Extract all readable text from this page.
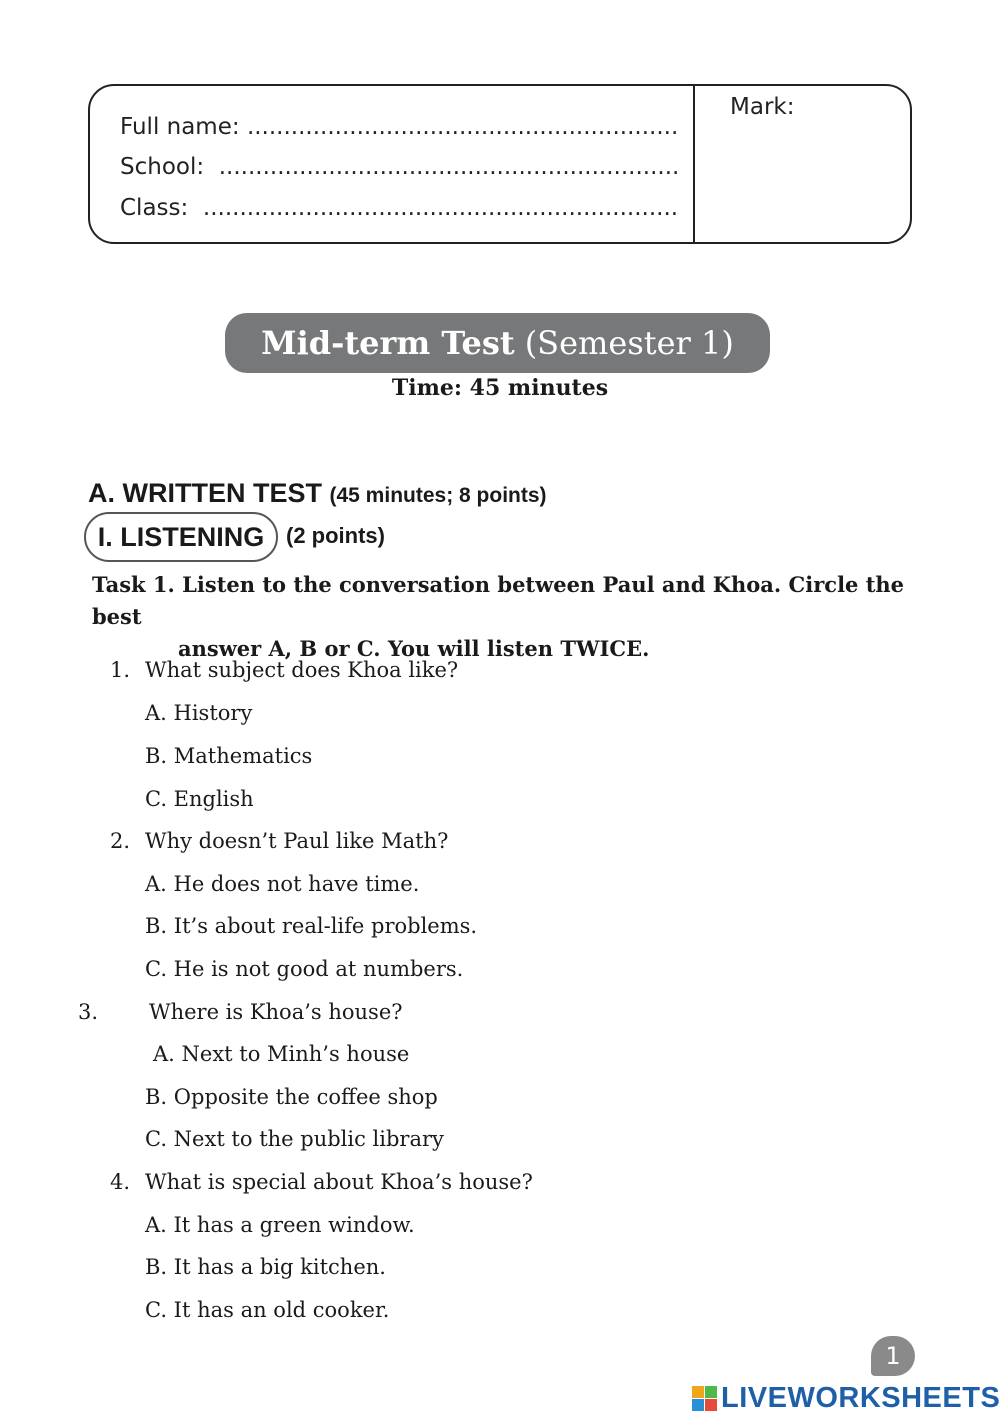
Full name: ...........................................................
School: ...............................................................
Class: .................................................................
Mark:
Mid-term Test (Semester 1)
Time: 45 minutes
A. WRITTEN TEST (45 minutes; 8 points)
I. LISTENING (2 points)
Task 1. Listen to the conversation between Paul and Khoa. Circle the best
answer A, B or C. You will listen TWICE.
1. What subject does Khoa like?
A. History
B. Mathematics
C. English
2. Why doesn’t Paul like Math?
A. He does not have time.
B. It’s about real-life problems.
C. He is not good at numbers.
3. Where is Khoa’s house?
A. Next to Minh’s house
B. Opposite the coffee shop
C. Next to the public library
4. What is special about Khoa’s house?
A. It has a green window.
B. It has a big kitchen.
C. It has an old cooker.
1
LIVEWORKSHEETS
